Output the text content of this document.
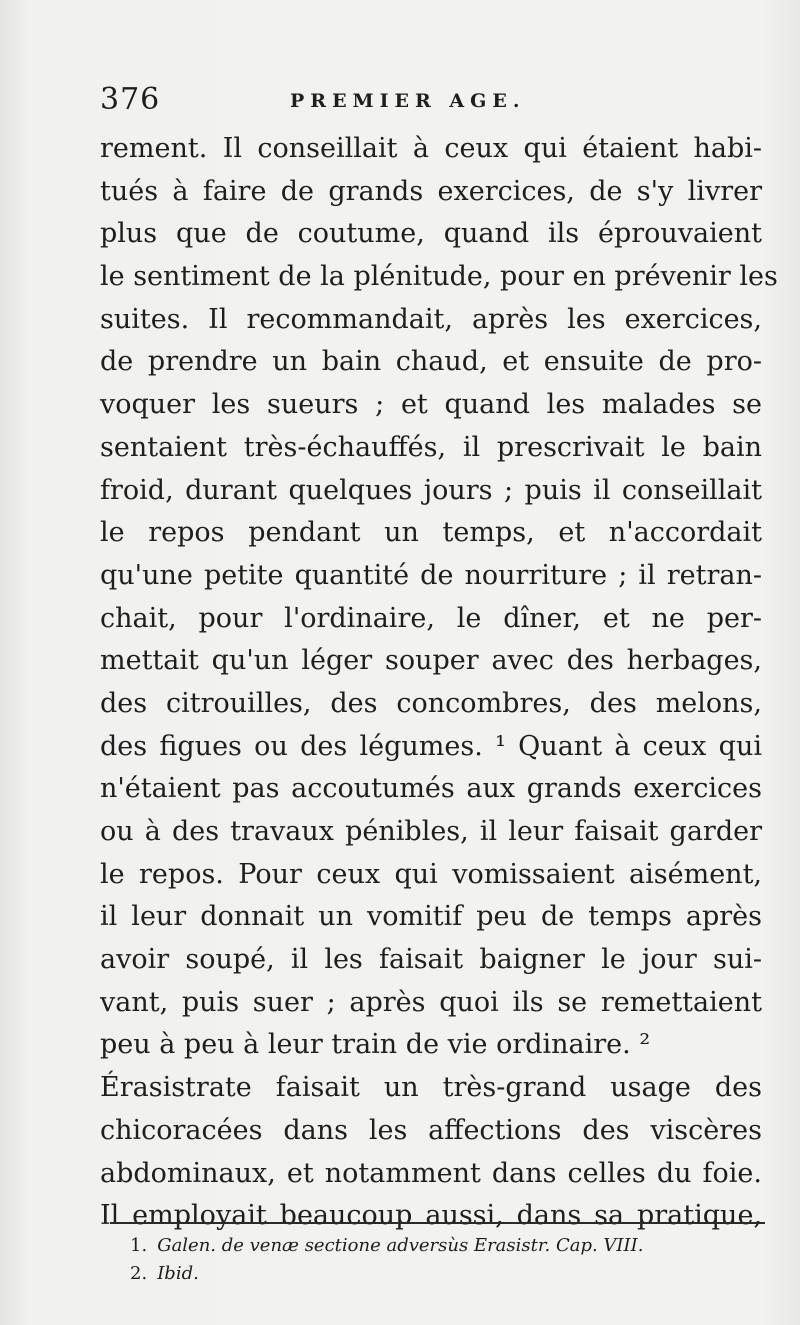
376	PREMIER AGE.
rement. Il conseillait à ceux qui étaient habi-
tués à faire de grands exercices, de s'y livrer
plus que de coutume, quand ils éprouvaient
le sentiment de la plénitude, pour en prévenir les
suites. Il recommandait, après les exercices,
de prendre un bain chaud, et ensuite de pro-
voquer les sueurs ; et quand les malades se
sentaient très-échauffés, il prescrivait le bain
froid, durant quelques jours ; puis il conseillait
le repos pendant un temps, et n'accordait
qu'une petite quantité de nourriture ; il retran-
chait, pour l'ordinaire, le dîner, et ne per-
mettait qu'un léger souper avec des herbages,
des citrouilles, des concombres, des melons,
des figues ou des légumes. ¹ Quant à ceux qui
n'étaient pas accoutumés aux grands exercices
ou à des travaux pénibles, il leur faisait garder
le repos. Pour ceux qui vomissaient aisément,
il leur donnait un vomitif peu de temps après
avoir soupé, il les faisait baigner le jour sui-
vant, puis suer ; après quoi ils se remettaient
peu à peu à leur train de vie ordinaire. ²
Érasistrate faisait un très-grand usage des
chicoracées dans les affections des viscères
abdominaux, et notamment dans celles du foie.
Il employait beaucoup aussi, dans sa pratique,
1. Galen. de venæ sectione adversùs Erasistr. Cap. VIII.
2. Ibid.
